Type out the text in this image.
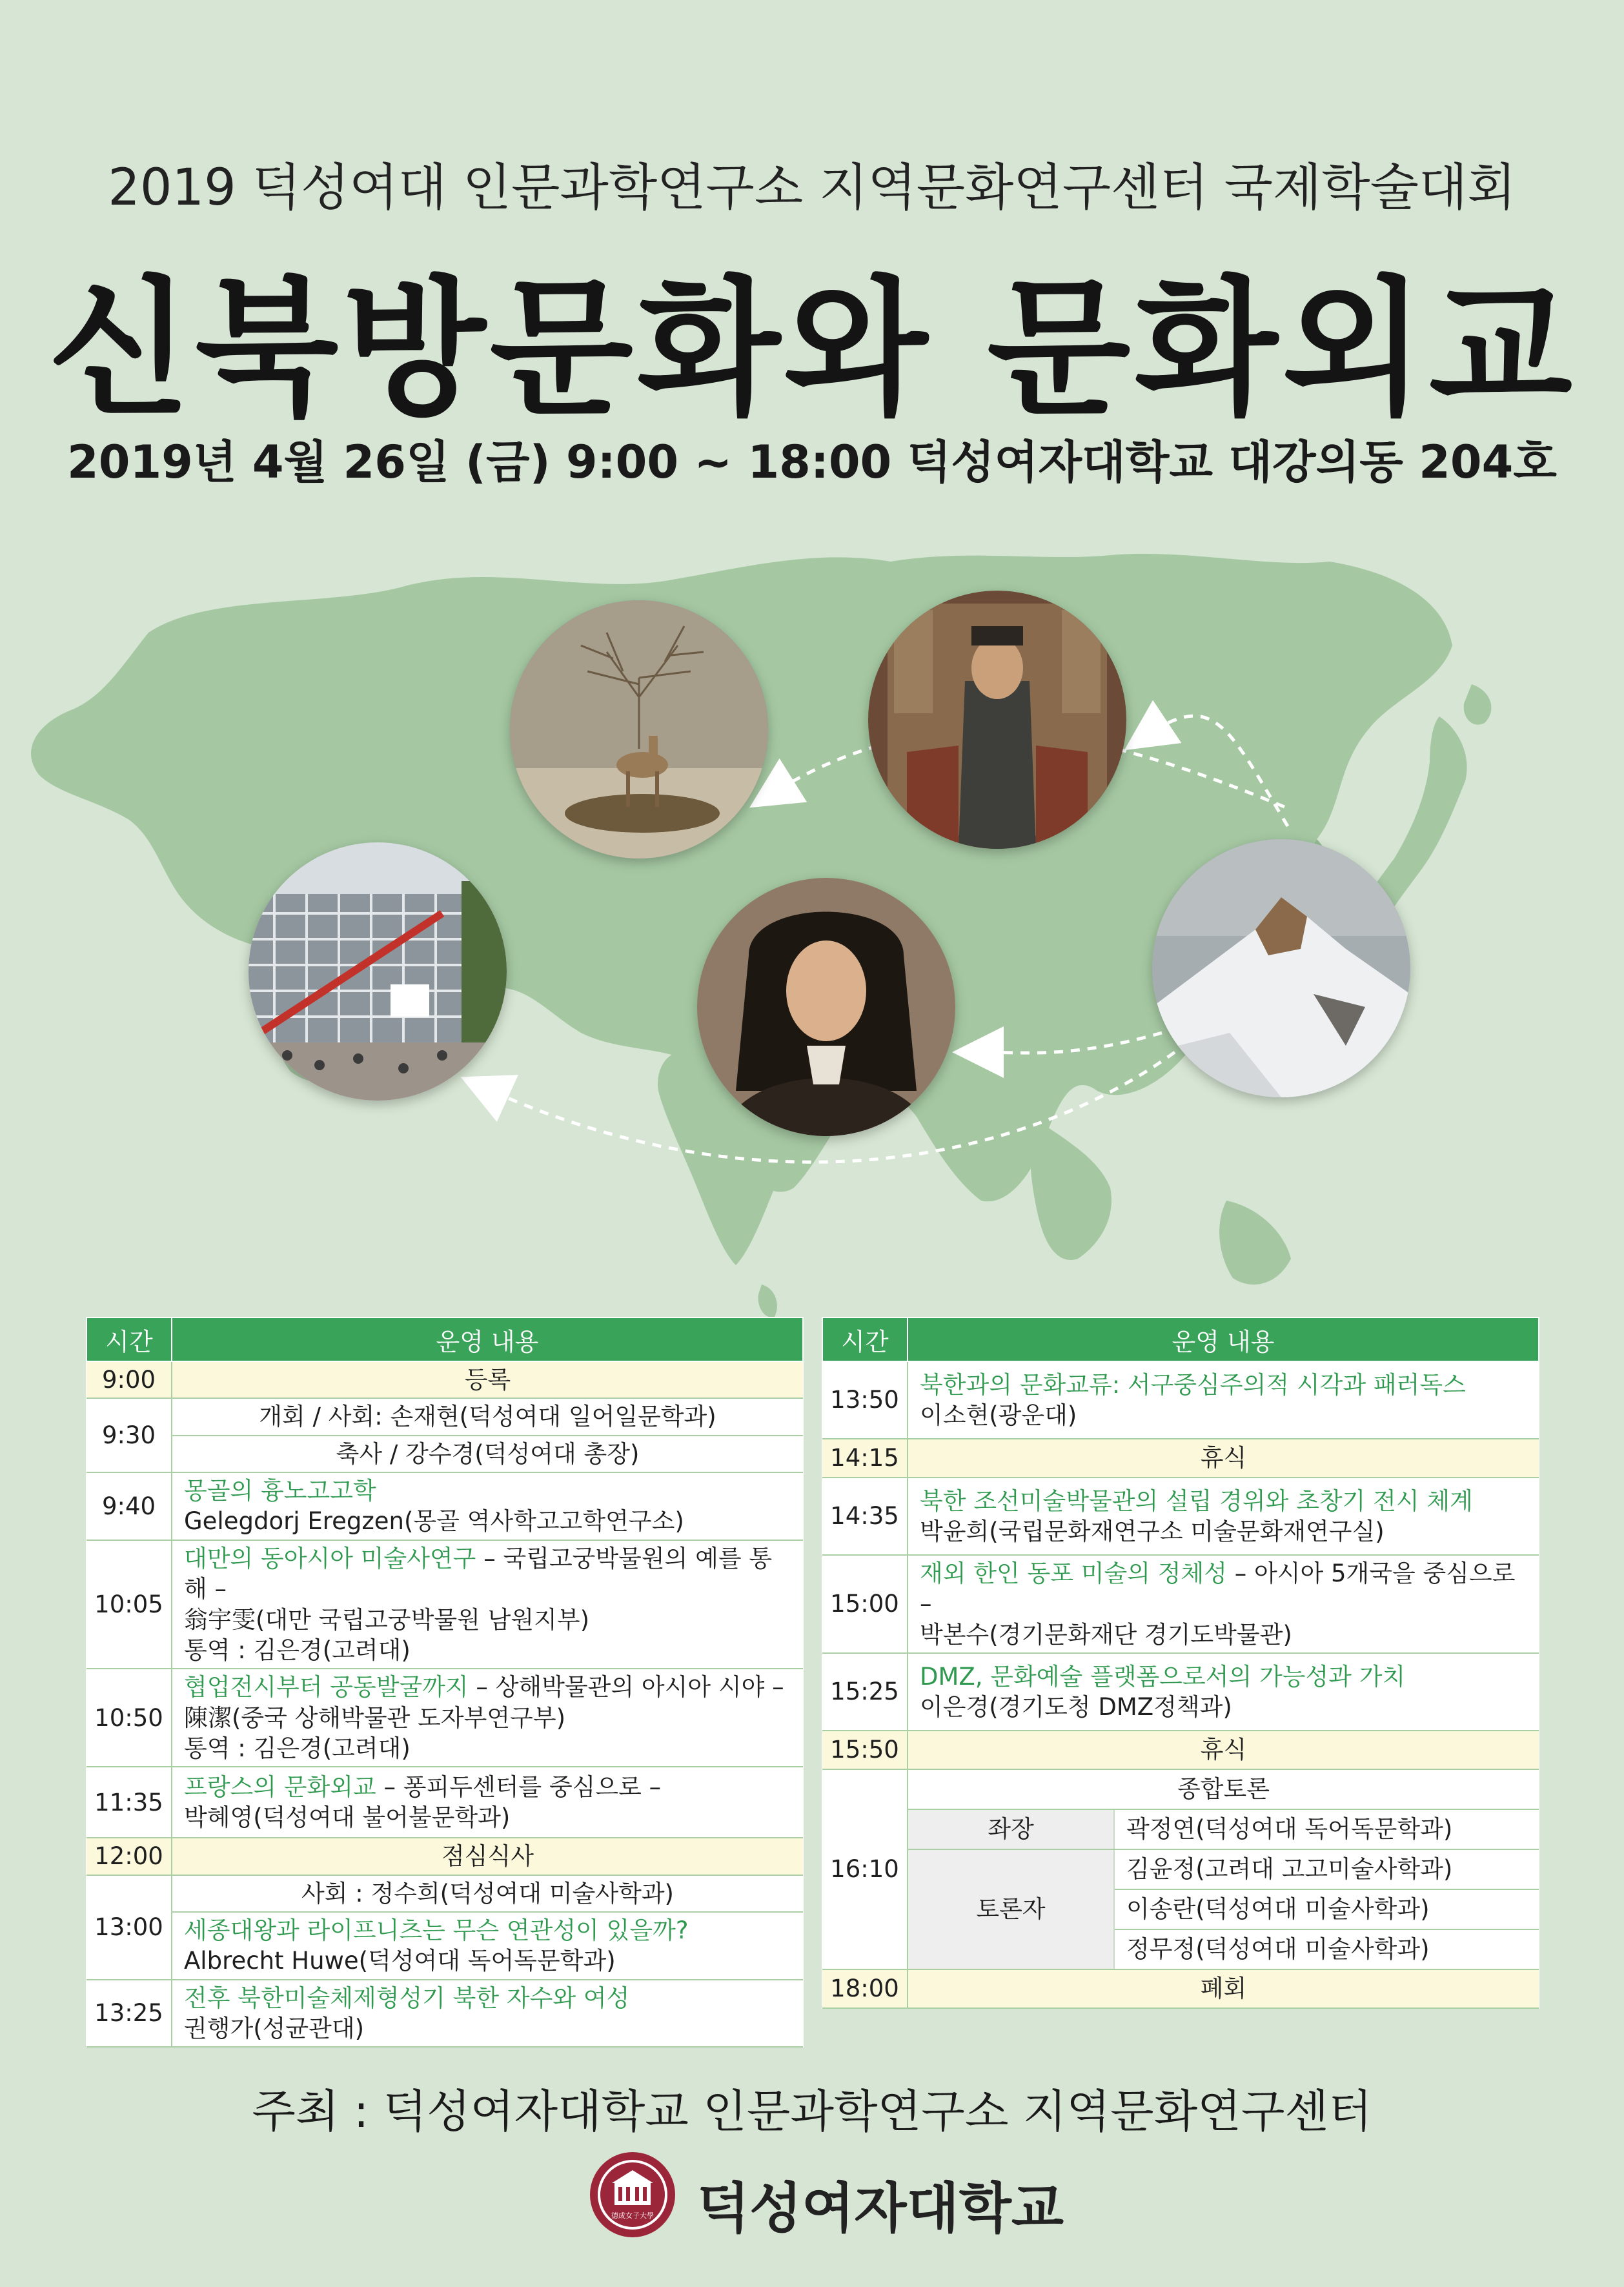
2019 덕성여대 인문과학연구소 지역문화연구센터 국제학술대회
신북방문화와 문화외교
2019년 4월 26일 (금) 9:00 ~ 18:00 덕성여자대학교 대강의동 204호
시간	운영 내용
9:00	등록
9:30	개회 / 사회: 손재현(덕성여대 일어일문학과)
	축사 / 강수경(덕성여대 총장)
9:40	몽골의 흉노고고학
Gelegdorj Eregzen(몽골 역사학고고학연구소)
10:05	대만의 동아시아 미술사연구 – 국립고궁박물원의 예를 통해 –
翁宇雯(대만 국립고궁박물원 남원지부)
통역 : 김은경(고려대)
10:50	협업전시부터 공동발굴까지 – 상해박물관의 아시아 시야 –
陳潔(중국 상해박물관 도자부연구부)
통역 : 김은경(고려대)
11:35	프랑스의 문화외교 – 퐁피두센터를 중심으로 –
박혜영(덕성여대 불어불문학과)
12:00	점심식사
13:00	사회 : 정수희(덕성여대 미술사학과)
	세종대왕과 라이프니츠는 무슨 연관성이 있을까?
Albrecht Huwe(덕성여대 독어독문학과)
13:25	전후 북한미술체제형성기 북한 자수와 여성
권행가(성균관대)
시간	운영 내용	
13:50	북한과의 문화교류: 서구중심주의적 시각과 패러독스
이소현(광운대)	
14:15	휴식	
14:35	북한 조선미술박물관의 설립 경위와 초창기 전시 체계
박윤희(국립문화재연구소 미술문화재연구실)	
15:00	재외 한인 동포 미술의 정체성 – 아시아 5개국을 중심으로 –
박본수(경기문화재단 경기도박물관)	
15:25	DMZ, 문화예술 플랫폼으로서의 가능성과 가치
이은경(경기도청 DMZ정책과)	
15:50	휴식	
16:10	종합토론	
	좌장	곽정연(덕성여대 독어독문학과)
	토론자	김윤정(고려대 고고미술사학과)
		이송란(덕성여대 미술사학과)
		정무정(덕성여대 미술사학과)
18:00	폐회	
주최 : 덕성여자대학교 인문과학연구소 지역문화연구센터
德成女子大學 덕성여자대학교
